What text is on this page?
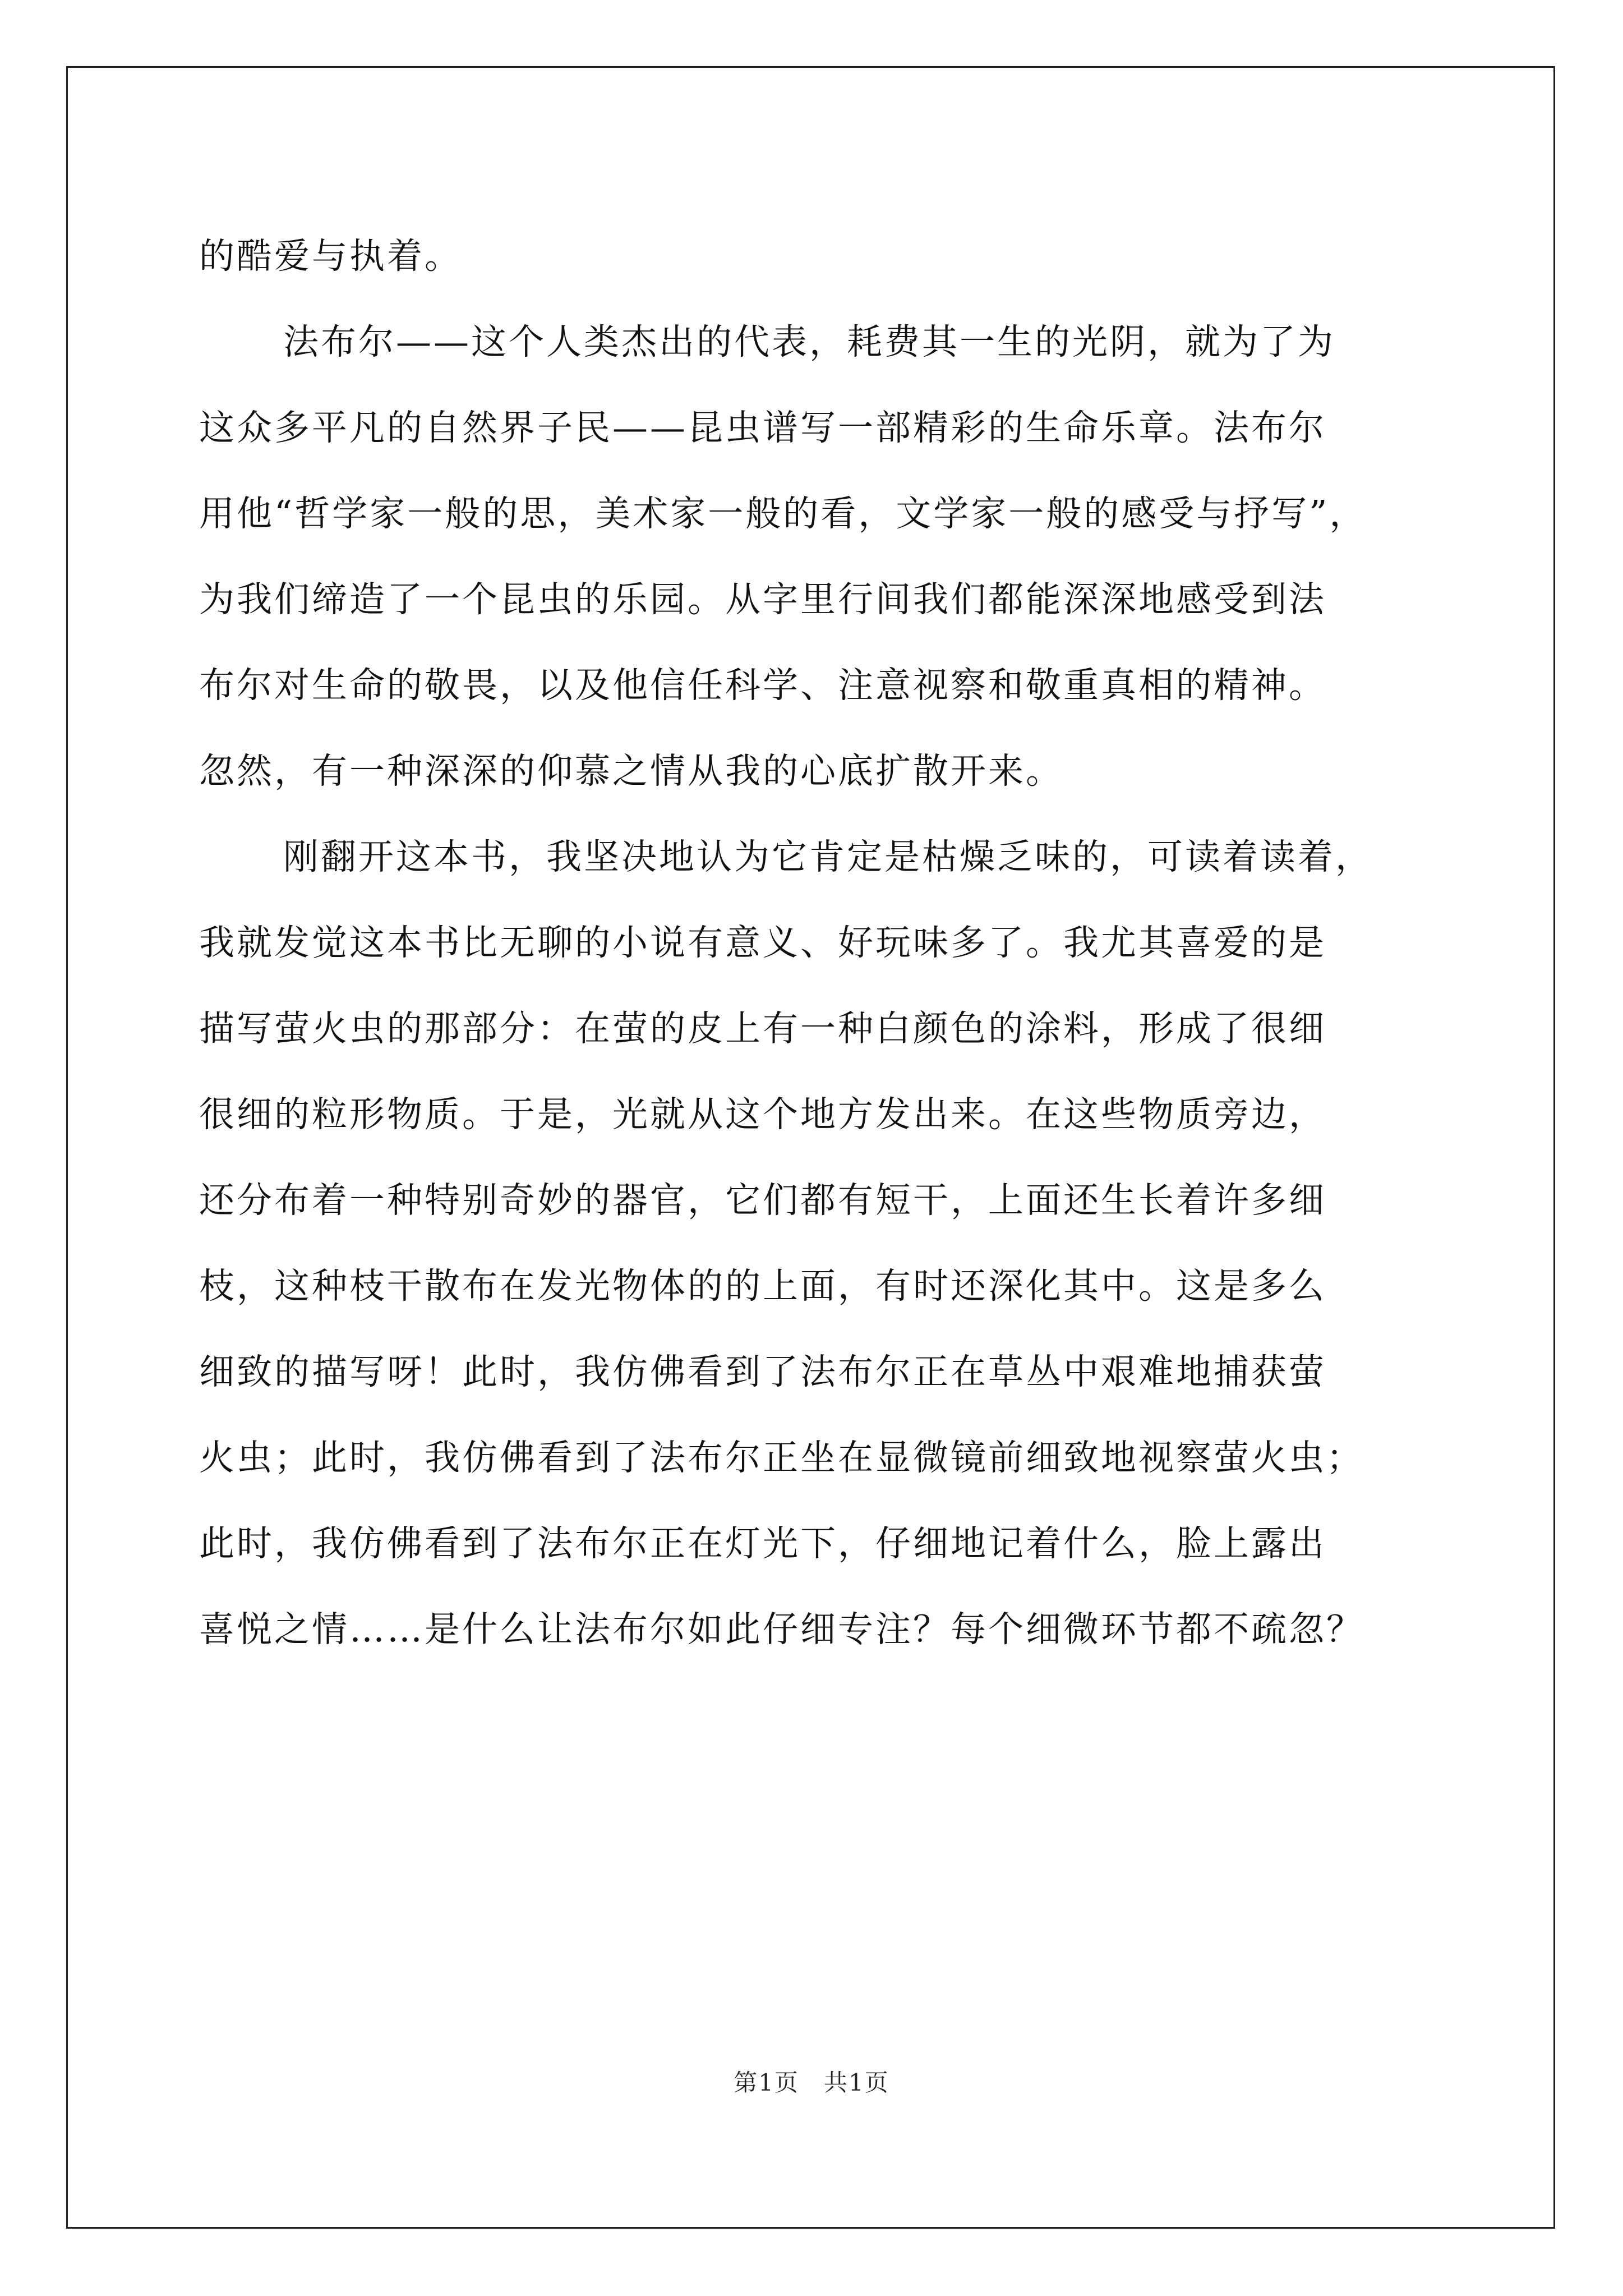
的酷爱与执着。
法布尔——这个人类杰出的代表，耗费其一生的光阴，就为了为
这众多平凡的自然界子民——昆虫谱写一部精彩的生命乐章。法布尔
用他“哲学家一般的思，美术家一般的看，文学家一般的感受与抒写”，
为我们缔造了一个昆虫的乐园。从字里行间我们都能深深地感受到法
布尔对生命的敬畏，以及他信任科学、注意视察和敬重真相的精神。
忽然，有一种深深的仰慕之情从我的心底扩散开来。
刚翻开这本书，我坚决地认为它肯定是枯燥乏味的，可读着读着，
我就发觉这本书比无聊的小说有意义、好玩味多了。我尤其喜爱的是
描写萤火虫的那部分：在萤的皮上有一种白颜色的涂料，形成了很细
很细的粒形物质。于是，光就从这个地方发出来。在这些物质旁边，
还分布着一种特别奇妙的器官，它们都有短干，上面还生长着许多细
枝，这种枝干散布在发光物体的的上面，有时还深化其中。这是多么
细致的描写呀！此时，我仿佛看到了法布尔正在草丛中艰难地捕获萤
火虫；此时，我仿佛看到了法布尔正坐在显微镜前细致地视察萤火虫；
此时，我仿佛看到了法布尔正在灯光下，仔细地记着什么，脸上露出
喜悦之情……是什么让法布尔如此仔细专注？每个细微环节都不疏忽？
第1页　共1页
